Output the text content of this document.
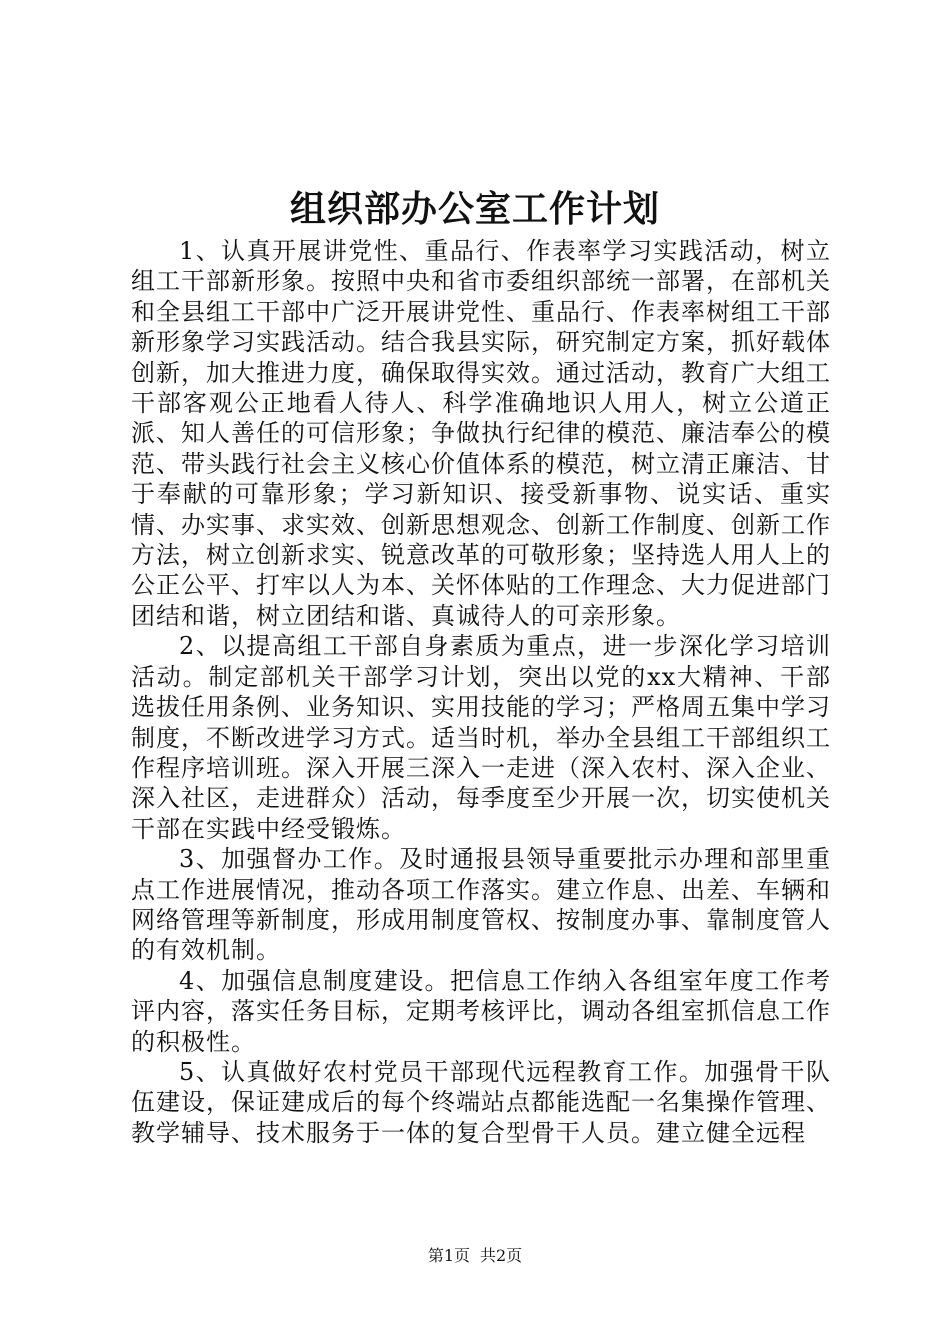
组织部办公室工作计划

1、认真开展讲党性、重品行、作表率学习实践活动，树立组工干部新形象。按照中央和省市委组织部统一部署，在部机关和全县组工干部中广泛开展讲党性、重品行、作表率树组工干部新形象学习实践活动。结合我县实际，研究制定方案，抓好载体创新，加大推进力度，确保取得实效。通过活动，教育广大组工干部客观公正地看人待人、科学准确地识人用人，树立公道正派、知人善任的可信形象；争做执行纪律的模范、廉洁奉公的模范、带头践行社会主义核心价值体系的模范，树立清正廉洁、甘于奉献的可靠形象；学习新知识、接受新事物、说实话、重实情、办实事、求实效、创新思想观念、创新工作制度、创新工作方法，树立创新求实、锐意改革的可敬形象；坚持选人用人上的公正公平、打牢以人为本、关怀体贴的工作理念、大力促进部门团结和谐，树立团结和谐、真诚待人的可亲形象。

2、以提高组工干部自身素质为重点，进一步深化学习培训活动。制定部机关干部学习计划，突出以党的xx大精神、干部选拔任用条例、业务知识、实用技能的学习；严格周五集中学习制度，不断改进学习方式。适当时机，举办全县组工干部组织工作程序培训班。深入开展三深入一走进（深入农村、深入企业、深入社区，走进群众）活动，每季度至少开展一次，切实使机关干部在实践中经受锻炼。

3、加强督办工作。及时通报县领导重要批示办理和部里重点工作进展情况，推动各项工作落实。建立作息、出差、车辆和网络管理等新制度，形成用制度管权、按制度办事、靠制度管人的有效机制。

4、加强信息制度建设。把信息工作纳入各组室年度工作考评内容，落实任务目标，定期考核评比，调动各组室抓信息工作的积极性。

5、认真做好农村党员干部现代远程教育工作。加强骨干队伍建设，保证建成后的每个终端站点都能选配一名集操作管理、教学辅导、技术服务于一体的复合型骨干人员。建立健全远程

第1页 共2页
